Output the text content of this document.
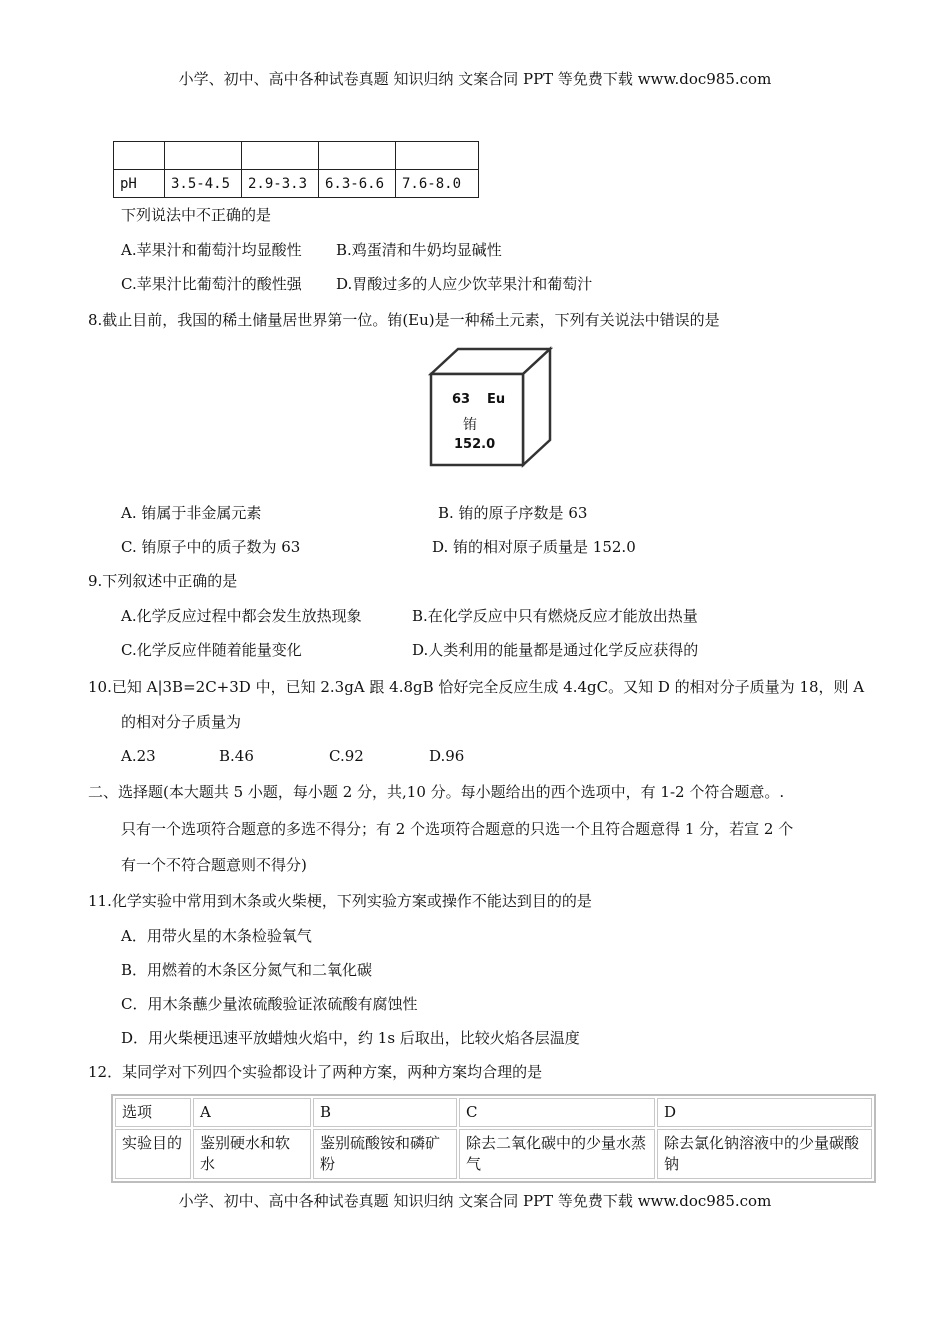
小学、初中、高中各种试卷真题 知识归纳 文案合同 PPT 等免费下载 www.doc985.com

pH	3.5-4.5	2.9-3.3	6.3-6.6	7.6-8.0
下列说法中不正确的是
A.苹果汁和葡萄汁均显酸性 B.鸡蛋清和牛奶均显碱性
C.苹果汁比葡萄汁的酸性强 D.胃酸过多的人应少饮苹果汁和葡萄汁
8.截止目前，我国的稀土储量居世界第一位。铕(Eu)是一种稀土元素，下列有关说法中错误的是
63 Eu
铕
152.0
A. 铕属于非金属元素	B. 铕的原子序数是 63
C. 铕原子中的质子数为 63	D. 铕的相对原子质量是 152.0
9.下列叙述中正确的是
A.化学反应过程中都会发生放热现象	B.在化学反应中只有燃烧反应才能放出热量
C.化学反应伴随着能量变化	D.人类利用的能量都是通过化学反应获得的
10.已知 A|3B=2C+3D 中，已知 2.3gA 跟 4.8gB 恰好完全反应生成 4.4gC。又知 D 的相对分子质量为 18，则 A
的相对分子质量为
A.23	B.46	C.92	D.96
二、选择题(本大题共 5 小题，每小题 2 分，共,10 分。每小题给出的西个选项中，有 1-2 个符合题意。.
只有一个选项符合题意的多选不得分；有 2 个选项符合题意的只选一个且符合题意得 1 分，若宣 2 个
有一个不符合题意则不得分)
11.化学实验中常用到木条或火柴梗，下列实验方案或操作不能达到目的的是
A．用带火星的木条检验氧气
B．用燃着的木条区分氮气和二氧化碳
C．用木条蘸少量浓硫酸验证浓硫酸有腐蚀性
D．用火柴梗迅速平放蜡烛火焰中，约 1s 后取出，比较火焰各层温度
12．某同学对下列四个实验都设计了两种方案，两种方案均合理的是
选项	A	B	C	D
实验目的	鉴别硬水和软水	鉴别硫酸铵和磷矿粉	除去二氧化碳中的少量水蒸气	除去氯化钠溶液中的少量碳酸钠
小学、初中、高中各种试卷真题 知识归纳 文案合同 PPT 等免费下载 www.doc985.com
